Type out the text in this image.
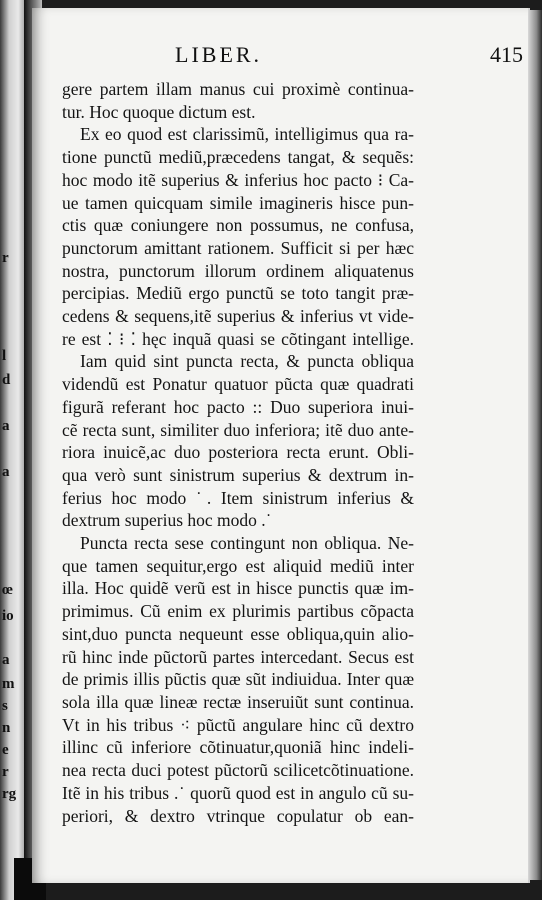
r
l
d
a
a
œ
io
a
m
s
n
e
r
rg
LIBER.	415
gere partem illam manus cui proximè continua-
tur. Hoc quoque dictum est.
Ex eo quod est clarissimũ, intelligimus qua ra-
tione punctũ mediũ,præcedens tangat, & sequẽs:
hoc modo itẽ superius & inferius hoc pacto ⁝ Ca-
ue tamen quicquam simile imagineris hisce pun-
ctis quæ coniungere non possumus, ne confusa,
punctorum amittant rationem. Sufficit si per hæc
nostra, punctorum illorum ordinem aliquatenus
percipias. Mediũ ergo punctũ se toto tangit præ-
cedens & sequens,itẽ superius & inferius vt vide-
re est ⁚ ⁝ ⁚ hęc inquã quasi se cõtingant intellige.
Iam quid sint puncta recta, & puncta obliqua
videndũ est Ponatur quatuor pũcta quæ quadrati
figurã referant hoc pacto :: Duo superiora inui-
cẽ recta sunt, similiter duo inferiora; itẽ duo ante-
riora inuicẽ,ac duo posteriora recta erunt. Obli-
qua verò sunt sinistrum superius & dextrum in-
ferius hoc modo ˙. Item sinistrum inferius &
dextrum superius hoc modo .˙
Puncta recta sese contingunt non obliqua. Ne-
que tamen sequitur,ergo est aliquid mediũ inter
illa. Hoc quidẽ verũ est in hisce punctis quæ im-
primimus. Cũ enim ex plurimis partibus cõpacta
sint,duo puncta nequeunt esse obliqua,quin alio-
rũ hinc inde pũctorũ partes intercedant. Secus est
de primis illis pũctis quæ sũt indiuidua. Inter quæ
sola illa quæ lineæ rectæ inseruiũt sunt continua.
Vt in his tribus ⁖ pũctũ angulare hinc cũ dextro
illinc cũ inferiore cõtinuatur,quoniã hinc indeli-
nea recta duci potest pũctorũ scilicetcõtinuatione.
Itẽ in his tribus .˙ quorũ quod est in angulo cũ su-
periori, & dextro vtrinque copulatur ob ean-
